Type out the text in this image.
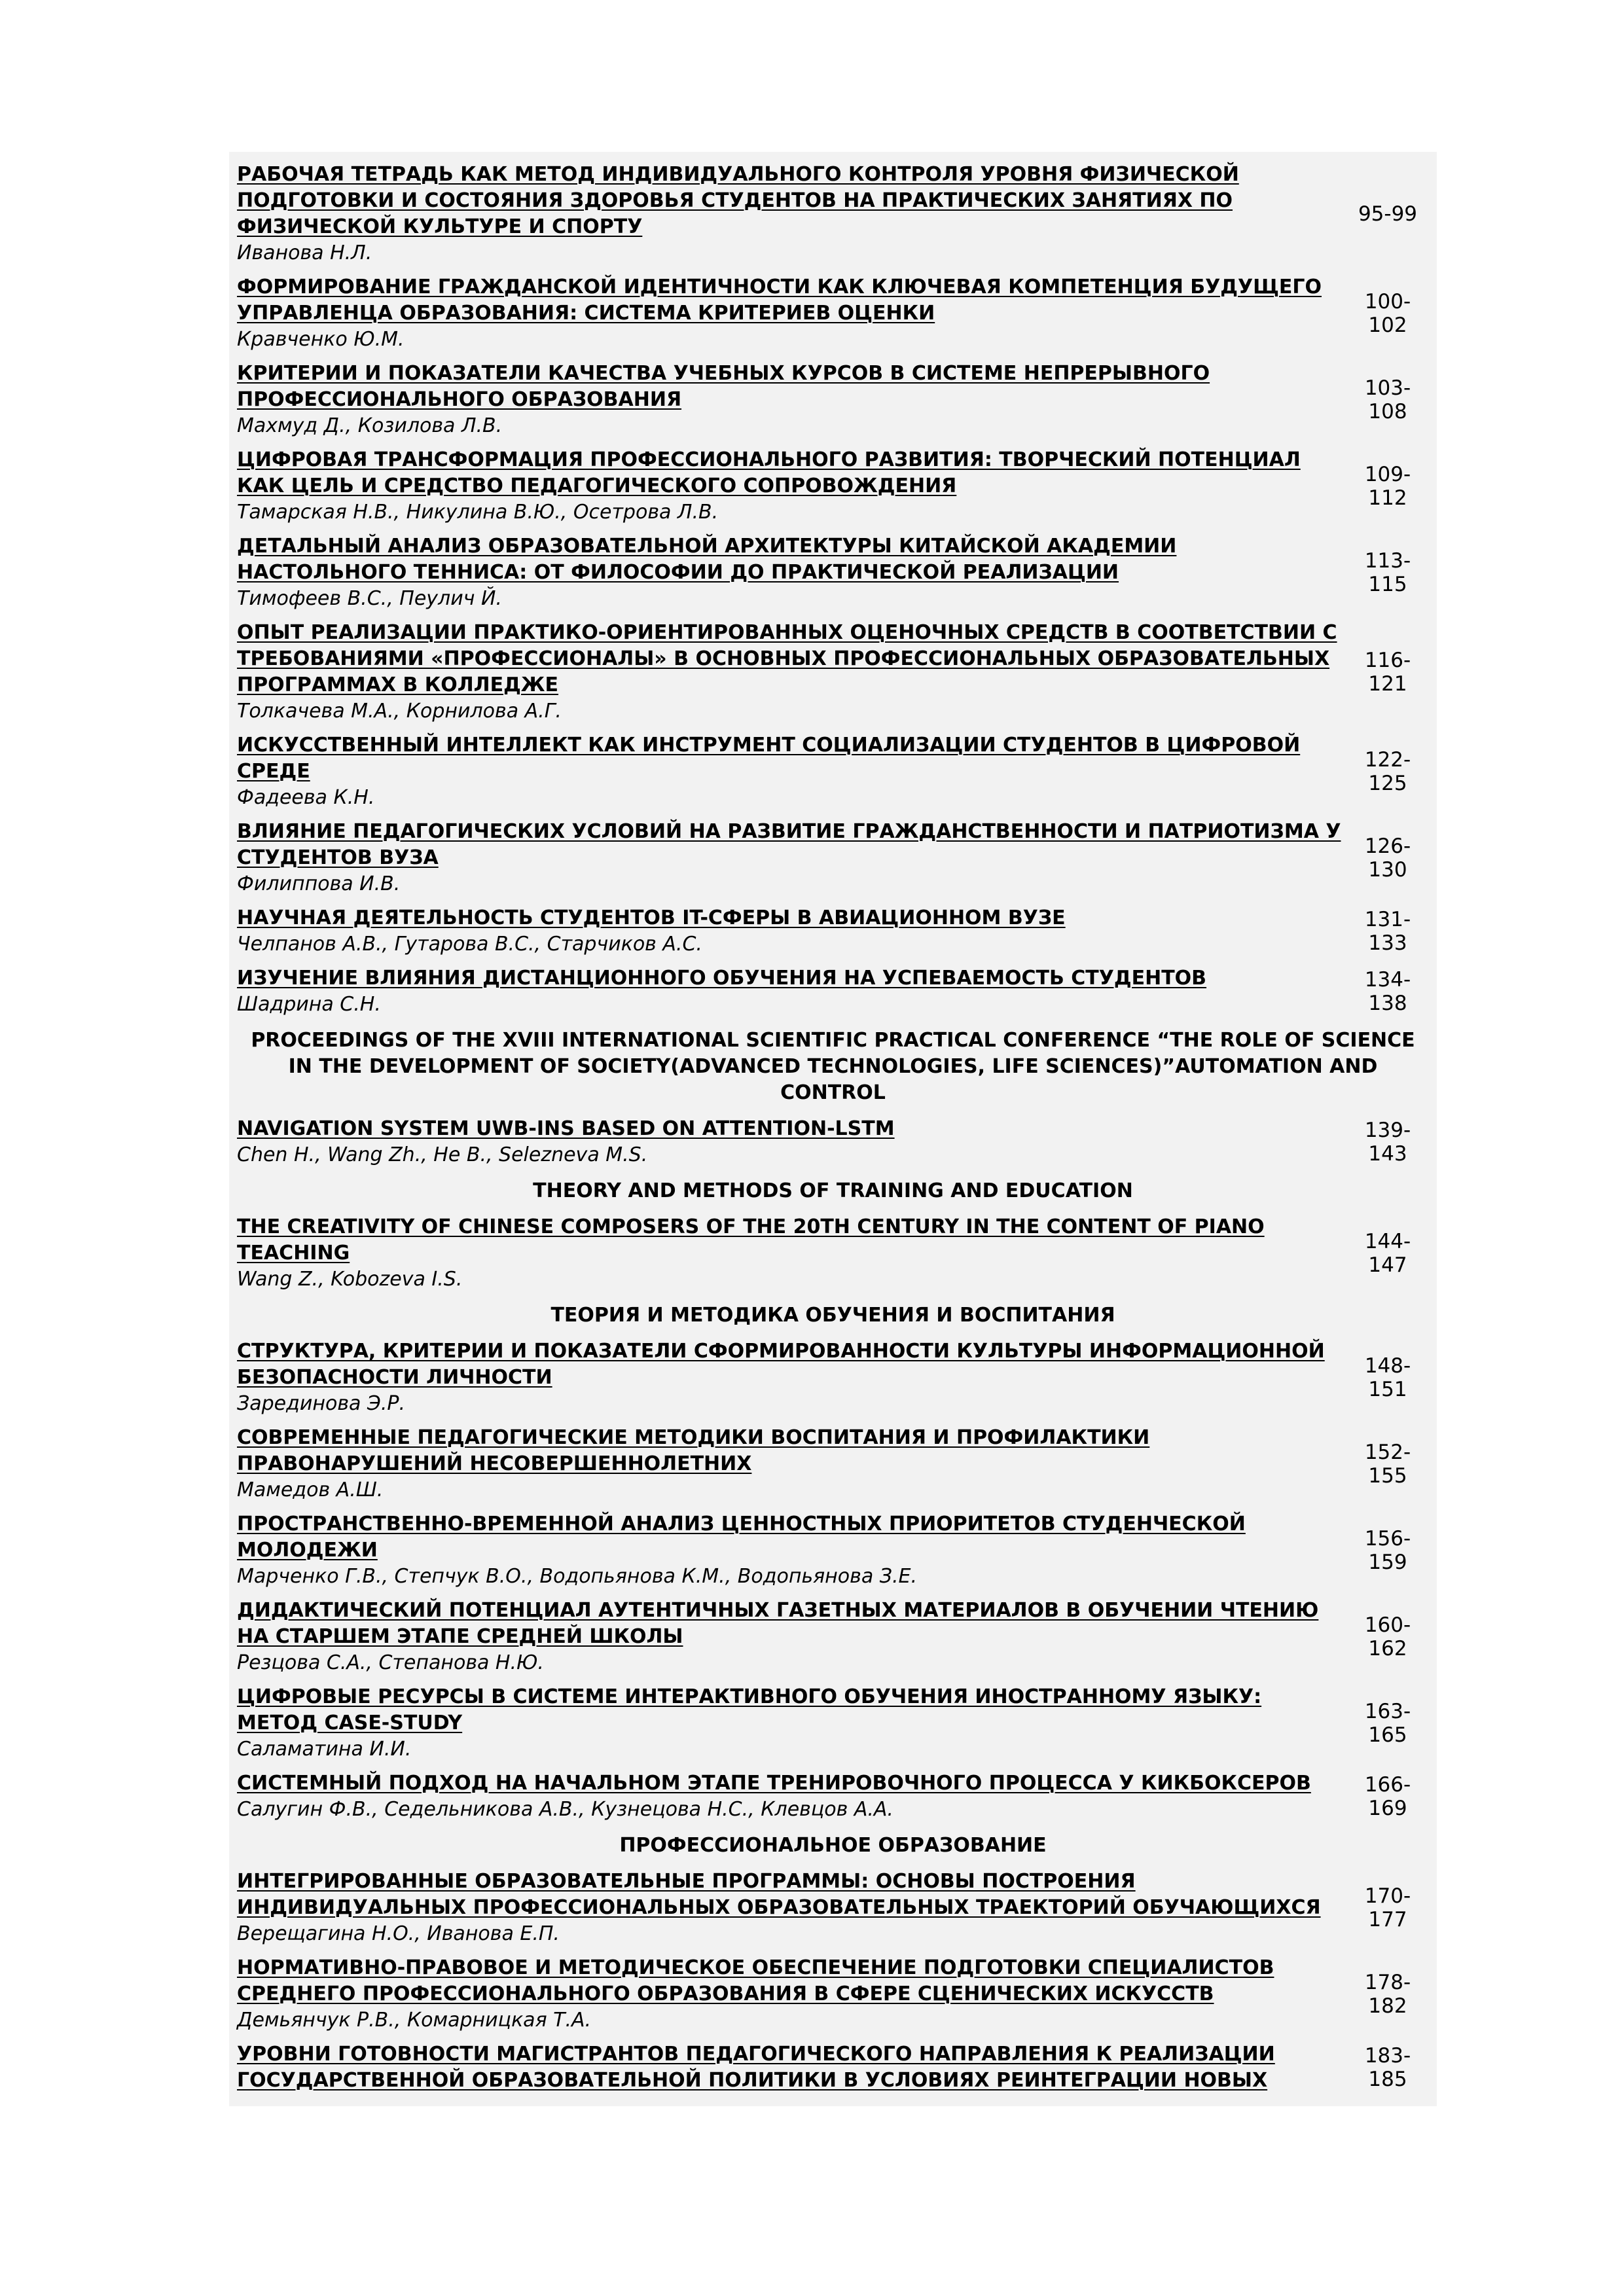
РАБОЧАЯ ТЕТРАДЬ КАК МЕТОД ИНДИВИДУАЛЬНОГО КОНТРОЛЯ УРОВНЯ ФИЗИЧЕСКОЙ ПОДГОТОВКИ И СОСТОЯНИЯ ЗДОРОВЬЯ СТУДЕНТОВ НА ПРАКТИЧЕСКИХ ЗАНЯТИЯХ ПО ФИЗИЧЕСКОЙ КУЛЬТУРЕ И СПОРТУ
Иванова Н.Л.
95-99
ФОРМИРОВАНИЕ ГРАЖДАНСКОЙ ИДЕНТИЧНОСТИ КАК КЛЮЧЕВАЯ КОМПЕТЕНЦИЯ БУДУЩЕГО УПРАВЛЕНЦА ОБРАЗОВАНИЯ: СИСТЕМА КРИТЕРИЕВ ОЦЕНКИ
Кравченко Ю.М.
100-102
КРИТЕРИИ И ПОКАЗАТЕЛИ КАЧЕСТВА УЧЕБНЫХ КУРСОВ В СИСТЕМЕ НЕПРЕРЫВНОГО ПРОФЕССИОНАЛЬНОГО ОБРАЗОВАНИЯ
Махмуд Д., Козилова Л.В.
103-108
ЦИФРОВАЯ ТРАНСФОРМАЦИЯ ПРОФЕССИОНАЛЬНОГО РАЗВИТИЯ: ТВОРЧЕСКИЙ ПОТЕНЦИАЛ КАК ЦЕЛЬ И СРЕДСТВО ПЕДАГОГИЧЕСКОГО СОПРОВОЖДЕНИЯ
Тамарская Н.В., Никулина В.Ю., Осетрова Л.В.
109-112
ДЕТАЛЬНЫЙ АНАЛИЗ ОБРАЗОВАТЕЛЬНОЙ АРХИТЕКТУРЫ КИТАЙСКОЙ АКАДЕМИИ НАСТОЛЬНОГО ТЕННИСА: ОТ ФИЛОСОФИИ ДО ПРАКТИЧЕСКОЙ РЕАЛИЗАЦИИ
Тимофеев В.С., Пеулич Й.
113-115
ОПЫТ РЕАЛИЗАЦИИ ПРАКТИКО-ОРИЕНТИРОВАННЫХ ОЦЕНОЧНЫХ СРЕДСТВ В СООТВЕТСТВИИ С ТРЕБОВАНИЯМИ «ПРОФЕССИОНАЛЫ» В ОСНОВНЫХ ПРОФЕССИОНАЛЬНЫХ ОБРАЗОВАТЕЛЬНЫХ ПРОГРАММАХ В КОЛЛЕДЖЕ
Толкачева М.А., Корнилова А.Г.
116-121
ИСКУССТВЕННЫЙ ИНТЕЛЛЕКТ КАК ИНСТРУМЕНТ СОЦИАЛИЗАЦИИ СТУДЕНТОВ В ЦИФРОВОЙ СРЕДЕ
Фадеева К.Н.
122-125
ВЛИЯНИЕ ПЕДАГОГИЧЕСКИХ УСЛОВИЙ НА РАЗВИТИЕ ГРАЖДАНСТВЕННОСТИ И ПАТРИОТИЗМА У СТУДЕНТОВ ВУЗА
Филиппова И.В.
126-130
НАУЧНАЯ ДЕЯТЕЛЬНОСТЬ СТУДЕНТОВ IT-СФЕРЫ В АВИАЦИОННОМ ВУЗЕ
Челпанов А.В., Гутарова В.С., Старчиков А.С.
131-133
ИЗУЧЕНИЕ ВЛИЯНИЯ ДИСТАНЦИОННОГО ОБУЧЕНИЯ НА УСПЕВАЕМОСТЬ СТУДЕНТОВ
Шадрина С.Н.
134-138
PROCEEDINGS OF THE XVIII INTERNATIONAL SCIENTIFIC PRACTICAL CONFERENCE “THE ROLE OF SCIENCE IN THE DEVELOPMENT OF SOCIETY(ADVANCED TECHNOLOGIES, LIFE SCIENCES)”AUTOMATION AND CONTROL
NAVIGATION SYSTEM UWB-INS BASED ON ATTENTION-LSTM
Chen H., Wang Zh., He B., Selezneva M.S.
139-143
THEORY AND METHODS OF TRAINING AND EDUCATION
THE CREATIVITY OF CHINESE COMPOSERS OF THE 20TH CENTURY IN THE CONTENT OF PIANO TEACHING
Wang Z., Kobozeva I.S.
144-147
ТЕОРИЯ И МЕТОДИКА ОБУЧЕНИЯ И ВОСПИТАНИЯ
СТРУКТУРА, КРИТЕРИИ И ПОКАЗАТЕЛИ СФОРМИРОВАННОСТИ КУЛЬТУРЫ ИНФОРМАЦИОННОЙ БЕЗОПАСНОСТИ ЛИЧНОСТИ
Зарединова Э.Р.
148-151
СОВРЕМЕННЫЕ ПЕДАГОГИЧЕСКИЕ МЕТОДИКИ ВОСПИТАНИЯ И ПРОФИЛАКТИКИ ПРАВОНАРУШЕНИЙ НЕСОВЕРШЕННОЛЕТНИХ
Мамедов А.Ш.
152-155
ПРОСТРАНСТВЕННО-ВРЕМЕННОЙ АНАЛИЗ ЦЕННОСТНЫХ ПРИОРИТЕТОВ СТУДЕНЧЕСКОЙ МОЛОДЕЖИ
Марченко Г.В., Степчук В.О., Водопьянова К.М., Водопьянова З.Е.
156-159
ДИДАКТИЧЕСКИЙ ПОТЕНЦИАЛ АУТЕНТИЧНЫХ ГАЗЕТНЫХ МАТЕРИАЛОВ В ОБУЧЕНИИ ЧТЕНИЮ НА СТАРШЕМ ЭТАПЕ СРЕДНЕЙ ШКОЛЫ
Резцова С.А., Степанова Н.Ю.
160-162
ЦИФРОВЫЕ РЕСУРСЫ В СИСТЕМЕ ИНТЕРАКТИВНОГО ОБУЧЕНИЯ ИНОСТРАННОМУ ЯЗЫКУ: МЕТОД CASE-STUDY
Саламатина И.И.
163-165
СИСТЕМНЫЙ ПОДХОД НА НАЧАЛЬНОМ ЭТАПЕ ТРЕНИРОВОЧНОГО ПРОЦЕССА У КИКБОКСЕРОВ
Салугин Ф.В., Седельникова А.В., Кузнецова Н.С., Клевцов А.А.
166-169
ПРОФЕССИОНАЛЬНОЕ ОБРАЗОВАНИЕ
ИНТЕГРИРОВАННЫЕ ОБРАЗОВАТЕЛЬНЫЕ ПРОГРАММЫ: ОСНОВЫ ПОСТРОЕНИЯ ИНДИВИДУАЛЬНЫХ ПРОФЕССИОНАЛЬНЫХ ОБРАЗОВАТЕЛЬНЫХ ТРАЕКТОРИЙ ОБУЧАЮЩИХСЯ
Верещагина Н.О., Иванова Е.П.
170-177
НОРМАТИВНО-ПРАВОВОЕ И МЕТОДИЧЕСКОЕ ОБЕСПЕЧЕНИЕ ПОДГОТОВКИ СПЕЦИАЛИСТОВ СРЕДНЕГО ПРОФЕССИОНАЛЬНОГО ОБРАЗОВАНИЯ В СФЕРЕ СЦЕНИЧЕСКИХ ИСКУССТВ
Демьянчук Р.В., Комарницкая Т.А.
178-182
УРОВНИ ГОТОВНОСТИ МАГИСТРАНТОВ ПЕДАГОГИЧЕСКОГО НАПРАВЛЕНИЯ К РЕАЛИЗАЦИИ ГОСУДАРСТВЕННОЙ ОБРАЗОВАТЕЛЬНОЙ ПОЛИТИКИ В УСЛОВИЯХ РЕИНТЕГРАЦИИ НОВЫХ
183-185
